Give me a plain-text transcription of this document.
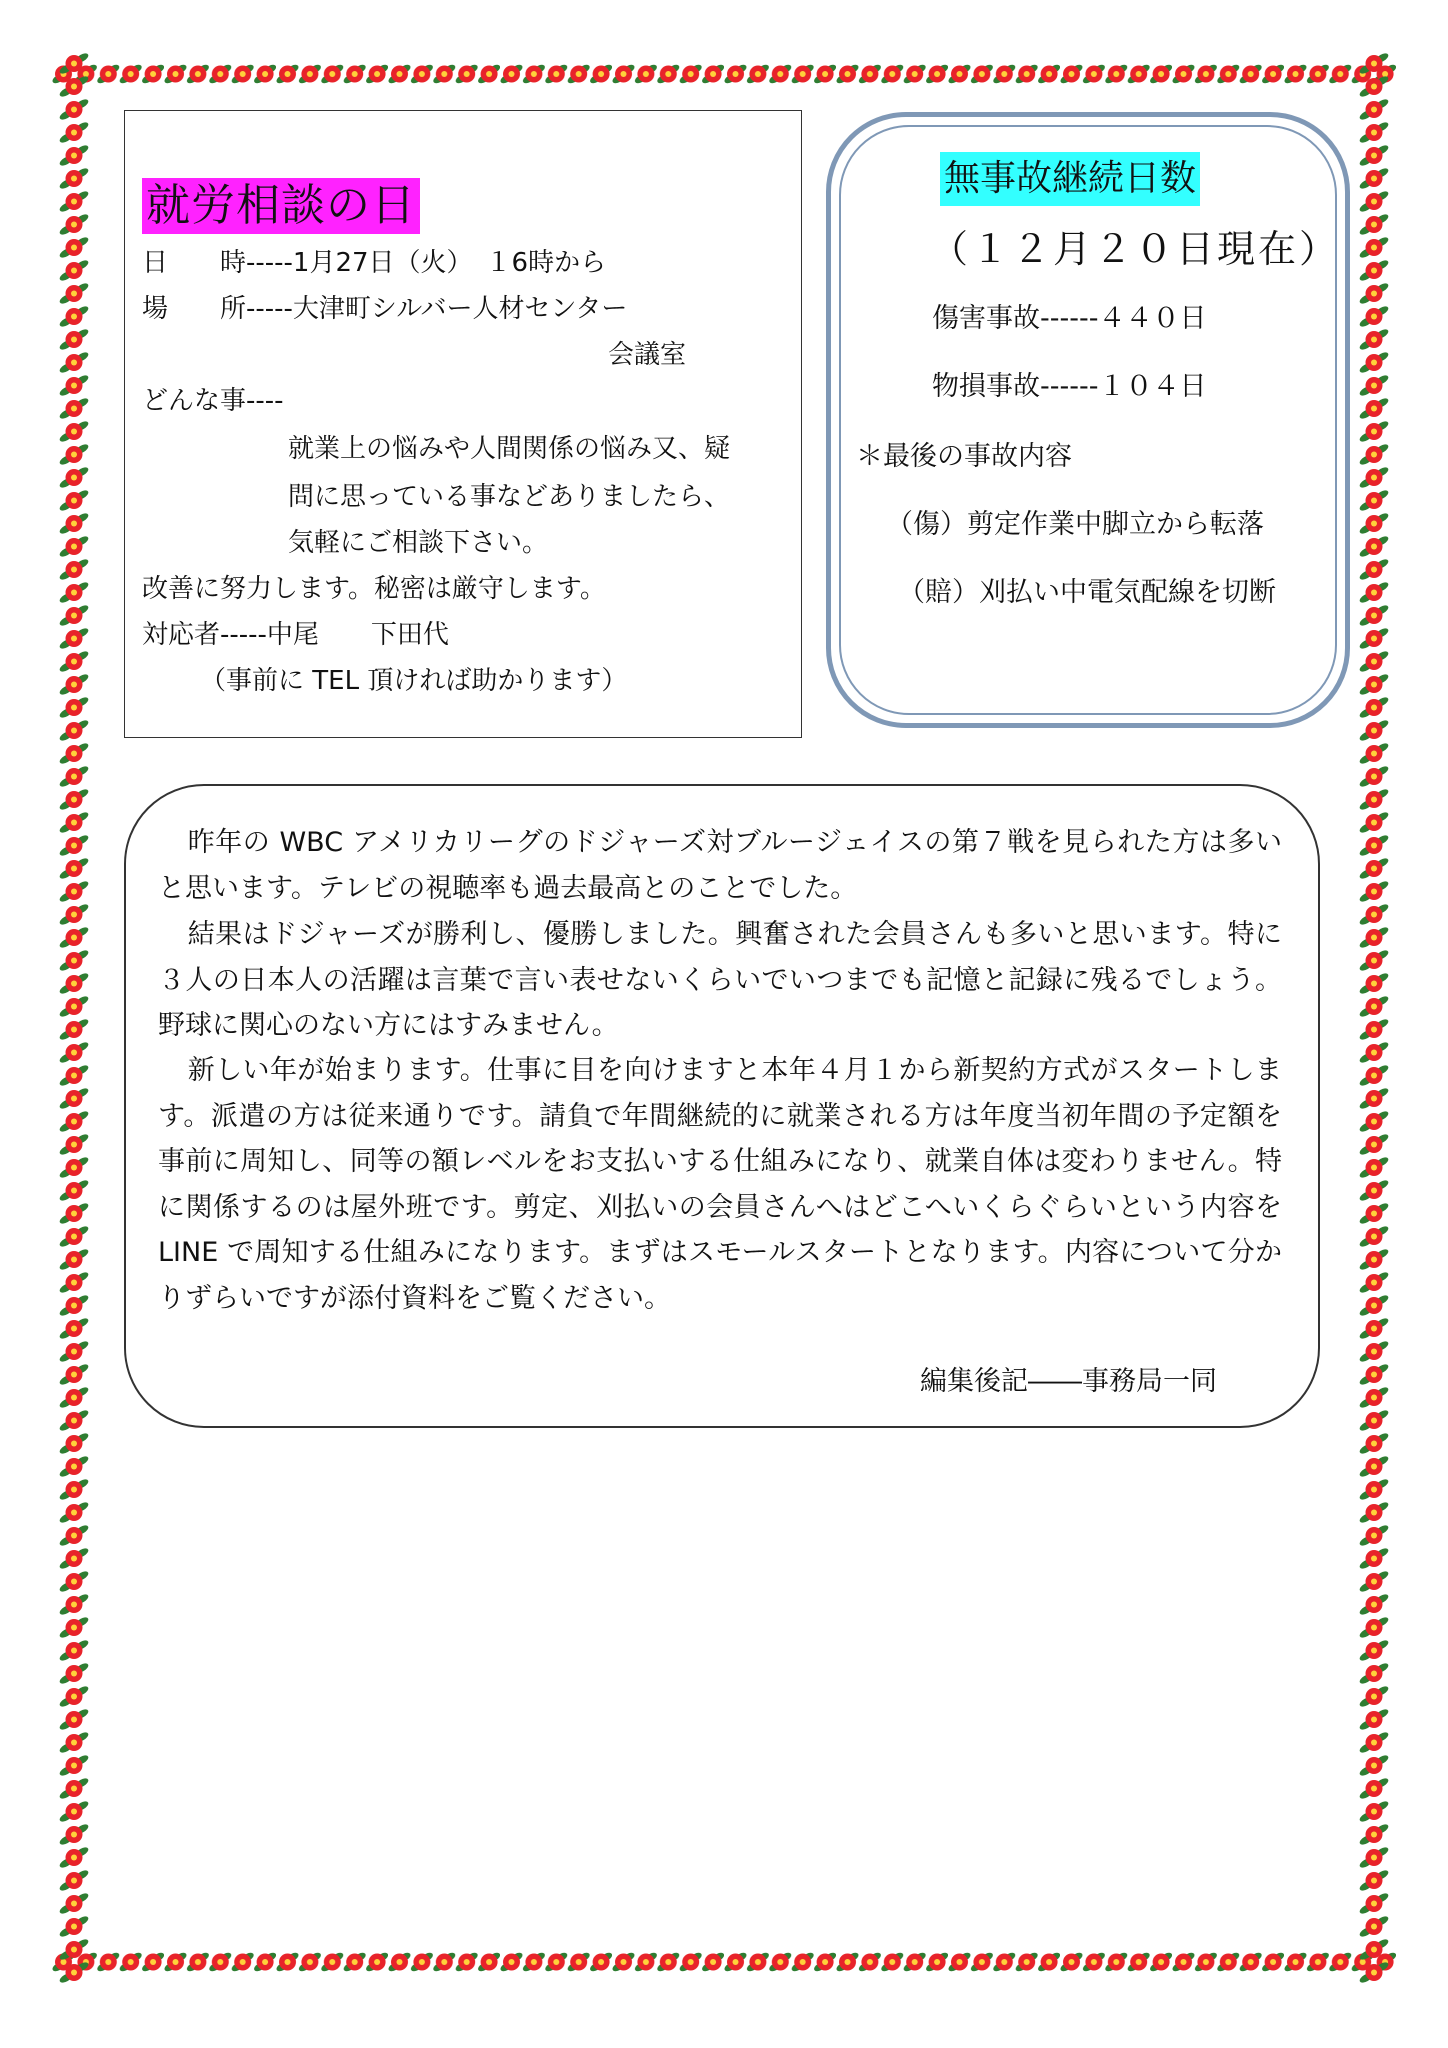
就労相談の日
日　　時-----1月27日（火）　１6時から
場　　所-----大津町シルバー人材センター
会議室
どんな事----
就業上の悩みや人間関係の悩み又、疑
問に思っている事などありましたら、
気軽にご相談下さい。
改善に努力します。秘密は厳守します。
対応者-----中尾　　下田代
（事前に TEL 頂ければ助かります）
無事故継続日数
（１２月２０日現在）
傷害事故------４４０日
物損事故------１０４日
＊最後の事故内容
（傷）剪定作業中脚立から転落
（賠）刈払い中電気配線を切断

昨年の WBC アメリカリーグのドジャーズ対ブルージェイスの第７戦を見られた方は多いと思います。テレビの視聴率も過去最高とのことでした。

結果はドジャーズが勝利し、優勝しました。興奮された会員さんも多いと思います。特に３人の日本人の活躍は言葉で言い表せないくらいでいつまでも記憶と記録に残るでしょう。野球に関心のない方にはすみません。

新しい年が始まります。仕事に目を向けますと本年４月１から新契約方式がスタートします。派遣の方は従来通りです。請負で年間継続的に就業される方は年度当初年間の予定額を事前に周知し、同等の額レベルをお支払いする仕組みになり、就業自体は変わりません。特に関係するのは屋外班です。剪定、刈払いの会員さんへはどこへいくらぐらいという内容を LINE で周知する仕組みになります。まずはスモールスタートとなります。内容について分かりずらいですが添付資料をご覧ください。

編集後記――事務局一同
